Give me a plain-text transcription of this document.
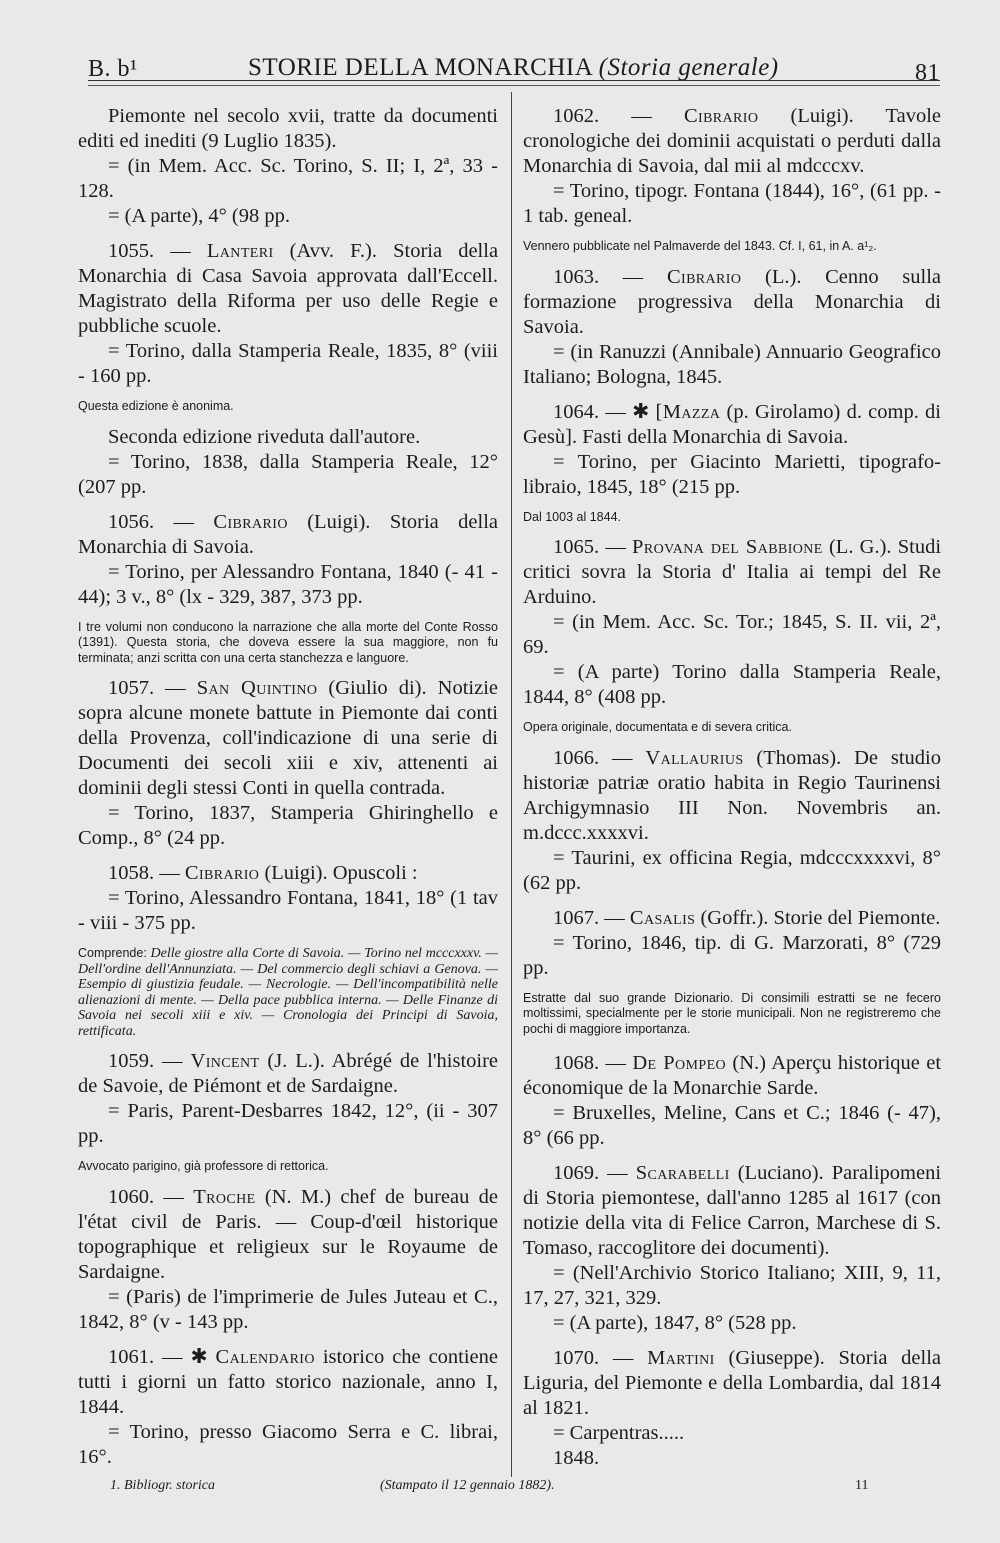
B. b¹	STORIE DELLA MONARCHIA (Storia generale)	81

Piemonte nel secolo xvii, tratte da documenti editi ed inediti (9 Luglio 1835).

= (in Mem. Acc. Sc. Torino, S. II; I, 2ª, 33 - 128.

= (A parte), 4° (98 pp.

1055. — Lanteri (Avv. F.). Storia della Monarchia di Casa Savoia approvata dall'Eccell. Magistrato della Riforma per uso delle Regie e pubbliche scuole.

= Torino, dalla Stamperia Reale, 1835, 8° (viii - 160 pp.

Questa edizione è anonima.

Seconda edizione riveduta dall'autore.

= Torino, 1838, dalla Stamperia Reale, 12° (207 pp.

1056. — Cibrario (Luigi). Storia della Monarchia di Savoia.

= Torino, per Alessandro Fontana, 1840 (- 41 - 44); 3 v., 8° (lx - 329, 387, 373 pp.

I tre volumi non conducono la narrazione che alla morte del Conte Rosso (1391). Questa storia, che doveva essere la sua maggiore, non fu terminata; anzi scritta con una certa stanchezza e languore.

1057. — San Quintino (Giulio di). Notizie sopra alcune monete battute in Piemonte dai conti della Provenza, coll'indicazione di una serie di Documenti dei secoli xiii e xiv, attenenti ai dominii degli stessi Conti in quella contrada.

= Torino, 1837, Stamperia Ghiringhello e Comp., 8° (24 pp.

1058. — Cibrario (Luigi). Opuscoli :

= Torino, Alessandro Fontana, 1841, 18° (1 tav - viii - 375 pp.

Comprende: Delle giostre alla Corte di Savoia. — Torino nel mcccxxxv. — Dell'ordine dell'Annunziata. — Del commercio degli schiavi a Genova. — Esempio di giustizia feudale. — Necrologie. — Dell'incompatibilità nelle alienazioni di mente. — Della pace pubblica interna. — Delle Finanze di Savoia nei secoli xiii e xiv. — Cronologia dei Principi di Savoia, rettificata.

1059. — Vincent (J. L.). Abrégé de l'histoire de Savoie, de Piémont et de Sardaigne.

= Paris, Parent-Desbarres 1842, 12°, (ii - 307 pp.

Avvocato parigino, già professore di rettorica.

1060. — Troche (N. M.) chef de bureau de l'état civil de Paris. — Coup-d'œil historique topographique et religieux sur le Royaume de Sardaigne.

= (Paris) de l'imprimerie de Jules Juteau et C., 1842, 8° (v - 143 pp.

1061. — ✱ Calendario istorico che contiene tutti i giorni un fatto storico nazionale, anno I, 1844.

= Torino, presso Giacomo Serra e C. librai, 16°.

1062. — Cibrario (Luigi). Tavole cronologiche dei dominii acquistati o perduti dalla Monarchia di Savoia, dal mii al mdcccxv.

= Torino, tipogr. Fontana (1844), 16°, (61 pp. - 1 tab. geneal.

Vennero pubblicate nel Palmaverde del 1843. Cf. I, 61, in A. a¹₂.

1063. — Cibrario (L.). Cenno sulla formazione progressiva della Monarchia di Savoia.

= (in Ranuzzi (Annibale) Annuario Geografico Italiano; Bologna, 1845.

1064. — ✱ [Mazza (p. Girolamo) d. comp. di Gesù]. Fasti della Monarchia di Savoia.

= Torino, per Giacinto Marietti, tipografo-libraio, 1845, 18° (215 pp.

Dal 1003 al 1844.

1065. — Provana del Sabbione (L. G.). Studi critici sovra la Storia d' Italia ai tempi del Re Arduino.

= (in Mem. Acc. Sc. Tor.; 1845, S. II. vii, 2ª, 69.

= (A parte) Torino dalla Stamperia Reale, 1844, 8° (408 pp.

Opera originale, documentata e di severa critica.

1066. — Vallaurius (Thomas). De studio historiæ patriæ oratio habita in Regio Taurinensi Archigymnasio III Non. Novembris an. m.dccc.xxxxvi.

= Taurini, ex officina Regia, mdcccxxxxvi, 8° (62 pp.

1067. — Casalis (Goffr.). Storie del Piemonte.

= Torino, 1846, tip. di G. Marzorati, 8° (729 pp.

Estratte dal suo grande Dizionario. Di consimili estratti se ne fecero moltissimi, specialmente per le storie municipali. Non ne registreremo che pochi di maggiore importanza.

1068. — De Pompeo (N.) Aperçu historique et économique de la Monarchie Sarde.

= Bruxelles, Meline, Cans et C.; 1846 (- 47), 8° (66 pp.

1069. — Scarabelli (Luciano). Paralipomeni di Storia piemontese, dall'anno 1285 al 1617 (con notizie della vita di Felice Carron, Marchese di S. Tomaso, raccoglitore dei documenti).

= (Nell'Archivio Storico Italiano; XIII, 9, 11, 17, 27, 321, 329.

= (A parte), 1847, 8° (528 pp.

1070. — Martini (Giuseppe). Storia della Liguria, del Piemonte e della Lombardia, dal 1814 al 1821.

= Carpentras.....

1848.

1. Bibliogr. storica	(Stampato il 12 gennaio 1882).	11
